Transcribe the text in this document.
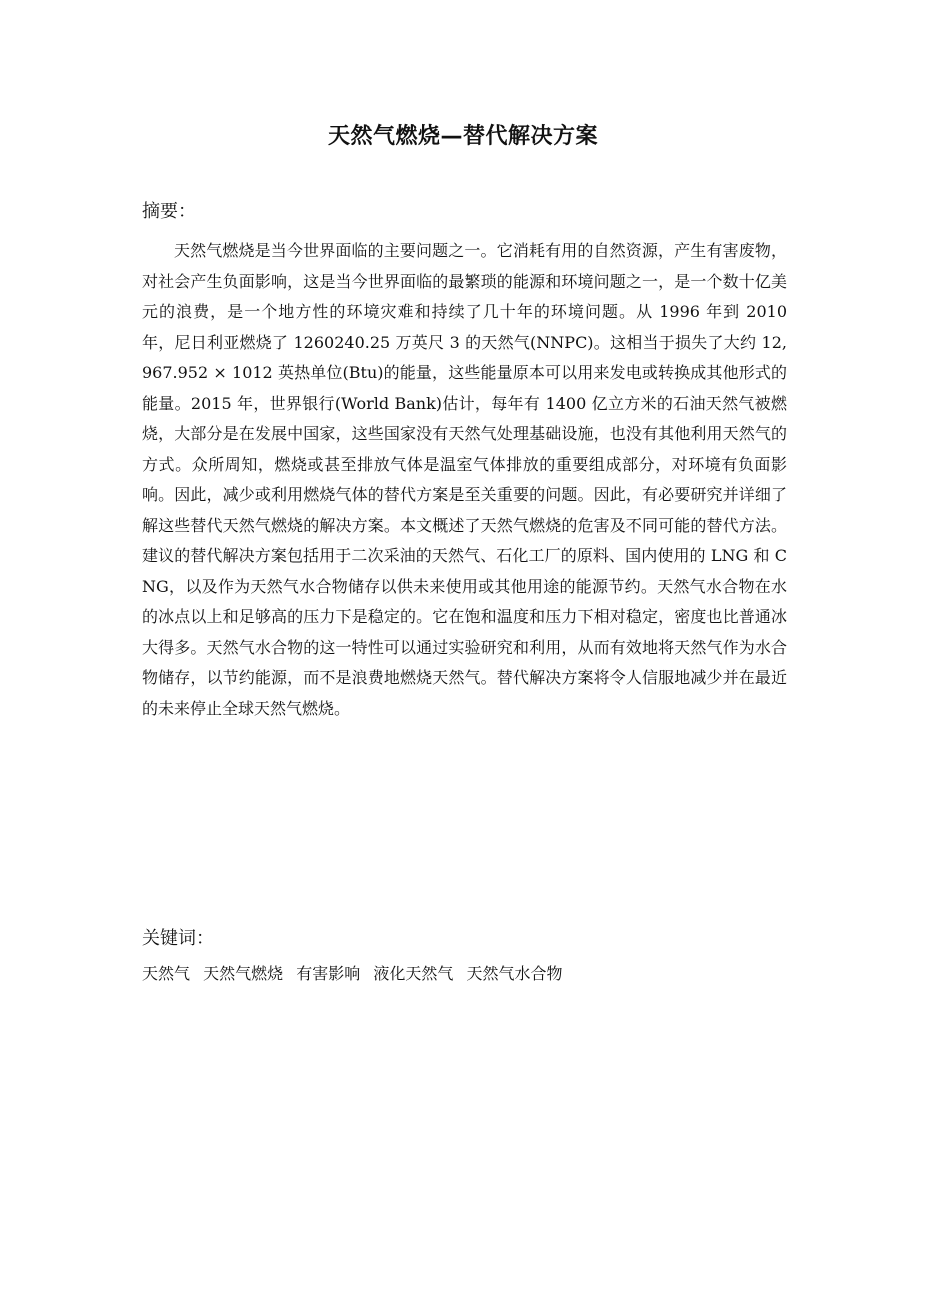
天然气燃烧—替代解决方案
摘要：

天然气燃烧是当今世界面临的主要问题之一。它消耗有用的自然资源，产生有害废物，对社会产生负面影响，这是当今世界面临的最繁琐的能源和环境问题之一，是一个数十亿美元的浪费，是一个地方性的环境灾难和持续了几十年的环境问题。从 1996 年到 2010 年，尼日利亚燃烧了 1260240.25 万英尺 3 的天然气(NNPC)。这相当于损失了大约 12,967.952 × 1012 英热单位(Btu)的能量，这些能量原本可以用来发电或转换成其他形式的能量。2015 年，世界银行(World Bank)估计，每年有 1400 亿立方米的石油天然气被燃烧，大部分是在发展中国家，这些国家没有天然气处理基础设施，也没有其他利用天然气的方式。众所周知，燃烧或甚至排放气体是温室气体排放的重要组成部分，对环境有负面影响。因此，减少或利用燃烧气体的替代方案是至关重要的问题。因此，有必要研究并详细了解这些替代天然气燃烧的解决方案。本文概述了天然气燃烧的危害及不同可能的替代方法。建议的替代解决方案包括用于二次采油的天然气、石化工厂的原料、国内使用的 LNG 和 CNG，以及作为天然气水合物储存以供未来使用或其他用途的能源节约。天然气水合物在水的冰点以上和足够高的压力下是稳定的。它在饱和温度和压力下相对稳定，密度也比普通冰大得多。天然气水合物的这一特性可以通过实验研究和利用，从而有效地将天然气作为水合物储存，以节约能源，而不是浪费地燃烧天然气。替代解决方案将令人信服地减少并在最近的未来停止全球天然气燃烧。

关键词：
天然气 天然气燃烧 有害影响 液化天然气 天然气水合物
